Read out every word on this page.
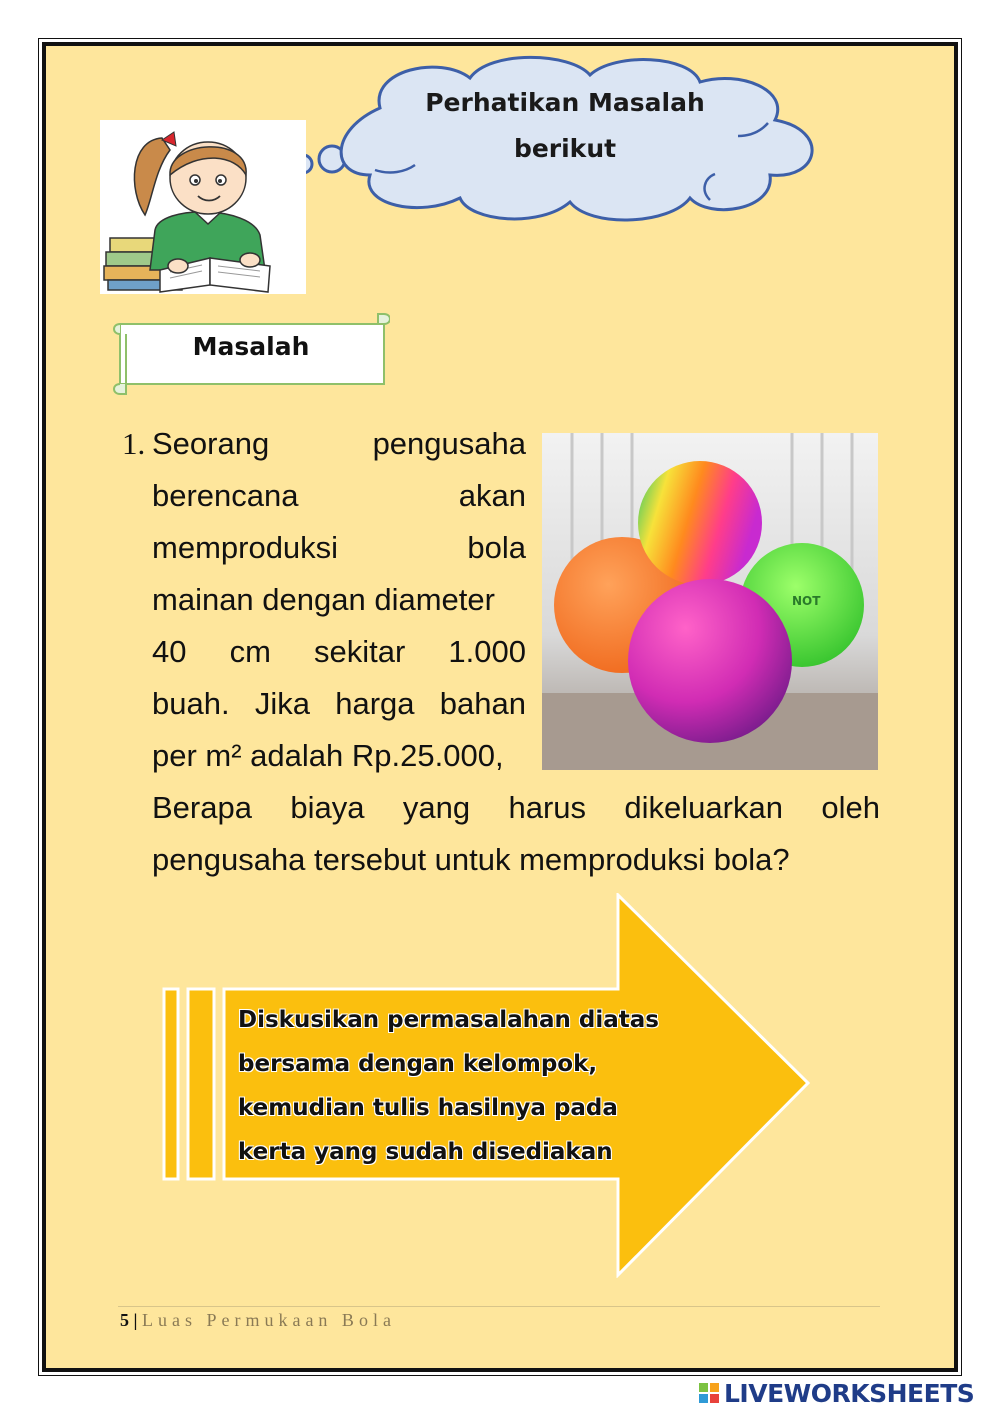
Perhatikan Masalah
berikut
Masalah
1. Seorang	pengusaha
berencana	akan
memproduksi	bola
mainan dengan diameter
40 cm sekitar 1.000
buah. Jika harga bahan
per m² adalah Rp.25.000,
Berapa biaya yang harus dikeluarkan oleh
pengusaha tersebut untuk memproduksi bola?
NOT
Diskusikan permasalahan diatas
bersama dengan kelompok,
kemudian tulis hasilnya pada
kerta yang sudah disediakan
5 | Luas Permukaan Bola
LIVEWORKSHEETS
